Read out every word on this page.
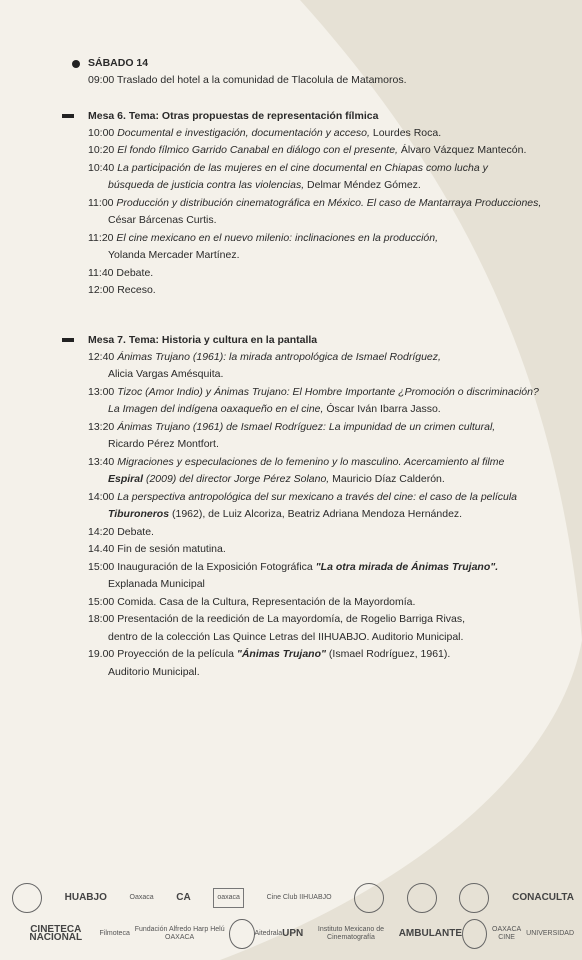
SÁBADO 14
09:00 Traslado del hotel a la comunidad de Tlacolula de Matamoros.
Mesa 6. Tema: Otras propuestas de representación fílmica
10:00 Documental e investigación, documentación y acceso, Lourdes Roca.
10:20 El fondo fílmico Garrido Canabal en diálogo con el presente, Álvaro Vázquez Mantecón.
10:40 La participación de las mujeres en el cine documental en Chiapas como lucha y
búsqueda de justicia contra las violencias, Delmar Méndez Gómez.
11:00 Producción y distribución cinematográfica en México. El caso de Mantarraya Producciones,
César Bárcenas Curtis.
11:20 El cine mexicano en el nuevo milenio: inclinaciones en la producción,
Yolanda Mercader Martínez.
11:40 Debate.
12:00 Receso.
Mesa 7. Tema: Historia y cultura en la pantalla
12:40 Ánimas Trujano (1961): la mirada antropológica de Ismael Rodríguez,
Alicia Vargas Amésquita.
13:00 Tizoc (Amor Indio) y Ánimas Trujano: El Hombre Importante ¿Promoción o discriminación?
La Imagen del indígena oaxaqueño en el cine, Óscar Iván Ibarra Jasso.
13:20 Ánimas Trujano (1961) de Ismael Rodríguez: La impunidad de un crimen cultural,
Ricardo Pérez Montfort.
13:40 Migraciones y especulaciones de lo femenino y lo masculino. Acercamiento al filme
Espiral (2009) del director Jorge Pérez Solano, Mauricio Díaz Calderón.
14:00 La perspectiva antropológica del sur mexicano a través del cine: el caso de la película
Tiburoneros (1962), de Luiz Alcoriza, Beatriz Adriana Mendoza Hernández.
14:20 Debate.
14.40 Fin de sesión matutina.
15:00 Inauguración de la Exposición Fotográfica "La otra mirada de Ánimas Trujano".
Explanada Municipal
15:00 Comida. Casa de la Cultura, Representación de la Mayordomía.
18:00 Presentación de la reedición de La mayordomía, de Rogelio Barriga Rivas,
dentro de la colección Las Quince Letras del IIHUABJO. Auditorio Municipal.
19.00 Proyección de la película "Ánimas Trujano" (Ismael Rodríguez, 1961).
Auditorio Municipal.
HUABJO	Oaxaca CA	oaxaca	Cine Club IIHUABJO	CONACULTA
CINETECA NACIONAL	Filmoteca
Fundación Alfredo Harp Helú OAXACA
Aitedrala UPN	Instituto Mexicano de Cinematografía	AMBULANTE	OAXACA CINE
UNIVERSIDAD
